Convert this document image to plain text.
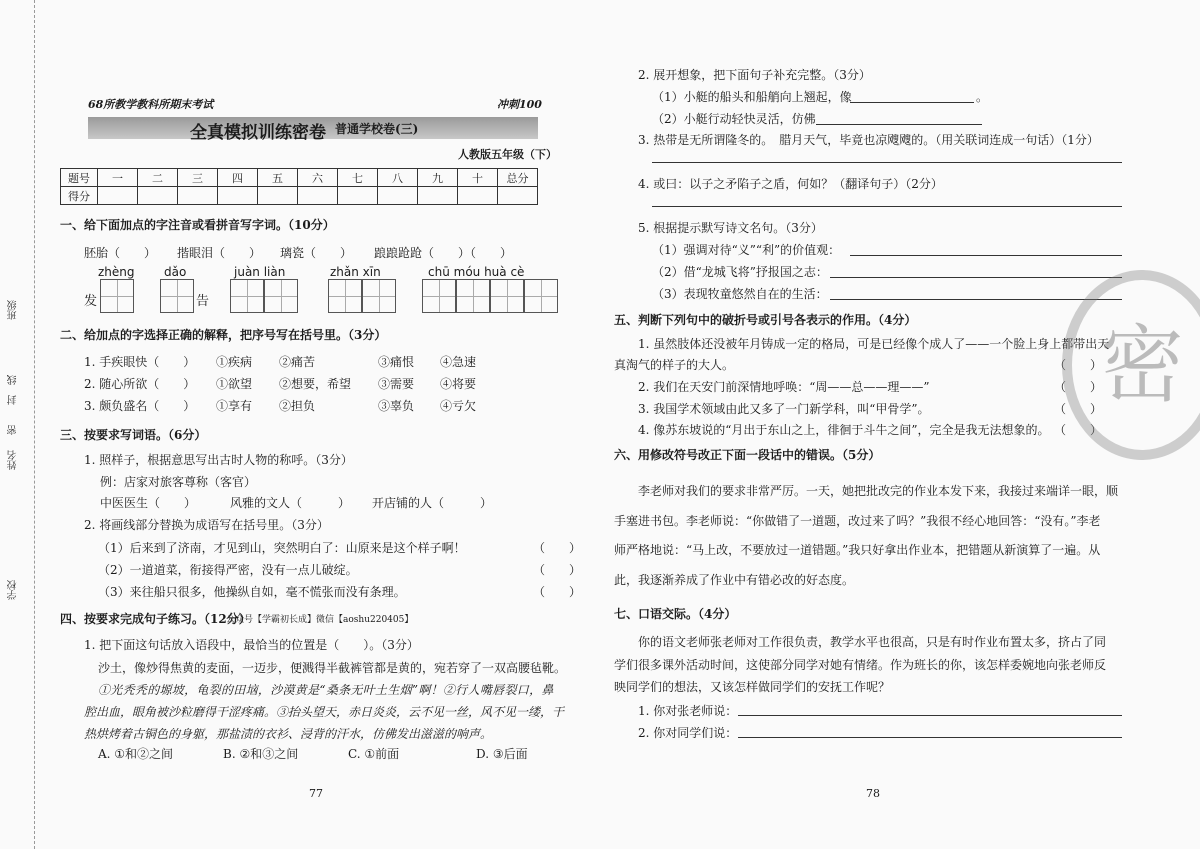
班级
封
线
姓名
学校
密
68所教学教科所期末考试	冲刺100
全真模拟训练密卷 普通学校卷(三)
人教版五年级（下）
题号	一	二	三	四	五	六	七	八	九	十	总分
得分											
一、给下面加点的字注音或看拼音写字词。（10分）
胚胎（　　） 揩眼泪（　　） 璃瓷（　　） 踉踉跄跄（　　）（　　）
zhèng dǎo	juàn liàn	zhǎn xīn	chū móu huà cè
发	告
二、给加点的字选择正确的解释，把序号写在括号里。（3分）
1. 手疾眼快（　　） ①疾病 ②痛苦	③痛恨 ④急速
2. 随心所欲（　　） ①欲望 ②想要，希望 ③需要 ④将要
3. 颇负盛名（　　） ①享有 ②担负	③辜负 ④亏欠
三、按要求写词语。（6分）
1. 照样子，根据意思写出古时人物的称呼。（3分）
例：店家对旅客尊称（客官）
中医医生（　　）	风雅的文人（　　　） 开店铺的人（　　　）
2. 将画线部分替换为成语写在括号里。（3分）
（1）后来到了济南，才见到山，突然明白了：山原来是这个样子啊！	（　　）
（2）一道道菜，衔接得严密，没有一点儿破绽。	（　　）
（3）来往船只很多，他操纵自如，毫不慌张而没有条理。	（　　）
四、按要求完成句子练习。（12分）
公众号【学霸初长成】微信【aoshu220405】
1. 把下面这句话放入语段中，最恰当的位置是（　　）。（3分）
沙土，像炒得焦黄的麦面，一迈步，便溅得半截裤管都是黄的，宛若穿了一双高腰毡靴。
①光秃秃的塬坡，龟裂的田垴，沙漠黄是“桑条无叶土生烟”啊！②行人嘴唇裂口，鼻
腔出血，眼角被沙粒磨得干涩疼痛。③抬头望天，赤日炎炎，云不见一丝，风不见一缕，干
热烘烤着古铜色的身躯，那盐渍的衣衫、浸背的汗水，仿佛发出滋滋的响声。
A. ①和②之间	B. ②和③之间	C. ①前面	D. ③后面
77
2. 展开想象，把下面句子补充完整。（3分）
（1）小艇的船头和船艄向上翘起，像	。
（2）小艇行动轻快灵活，仿佛
3. 热带是无所谓隆冬的。　腊月天气，毕竟也凉飕飕的。（用关联词连成一句话）（1分）
4. 或曰：以子之矛陷子之盾，何如？（翻译句子）（2分）
5. 根据提示默写诗文名句。（3分）
（1）强调对待“义”“利”的价值观：
（2）借“龙城飞将”抒报国之志：
（3）表现牧童悠然自在的生活：
五、判断下列句中的破折号或引号各表示的作用。（4分）
1. 虽然肢体还没被年月铸成一定的格局，可是已经像个成人了——一个脸上身上都带出天
真淘气的样子的大人。	（　　）
2. 我们在天安门前深情地呼唤：“周——总——理——”	（　　）
3. 我国学术领域由此又多了一门新学科，叫“甲骨学”。	（　　）
4. 像苏东坡说的“月出于东山之上，徘徊于斗牛之间”，完全是我无法想象的。 （　　）
六、用修改符号改正下面一段话中的错误。（5分）
李老师对我们的要求非常严厉。一天，她把批改完的作业本发下来，我接过来端详一眼，顺
手塞进书包。李老师说：“你做错了一道题，改过来了吗？”我很不经心地回答：“没有。”李老
师严格地说：“马上改，不要放过一道错题。”我只好拿出作业本，把错题从新演算了一遍。从
此，我逐渐养成了作业中有错必改的好态度。
七、口语交际。（4分）
你的语文老师张老师对工作很负责，教学水平也很高，只是有时作业布置太多，挤占了同
学们很多课外活动时间，这使部分同学对她有情绪。作为班长的你，该怎样委婉地向张老师反
映同学们的想法，又该怎样做同学们的安抚工作呢？
1. 你对张老师说：
2. 你对同学们说：
78
密
